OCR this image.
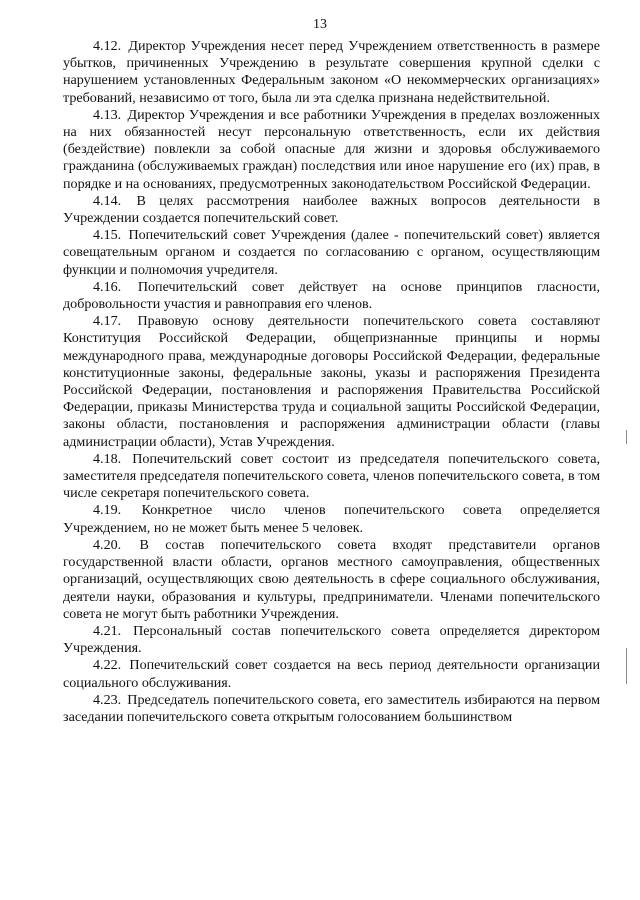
13

4.12. Директор Учреждения несет перед Учреждением ответственность в размере убытков, причиненных Учреждению в результате совершения крупной сделки с нарушением установленных Федеральным законом «О некоммерческих организациях» требований, независимо от того, была ли эта сделка признана недействительной.

4.13. Директор Учреждения и все работники Учреждения в пределах возложенных на них обязанностей несут персональную ответственность, если их действия (бездействие) повлекли за собой опасные для жизни и здоровья обслуживаемого гражданина (обслуживаемых граждан) последствия или иное нарушение его (их) прав, в порядке и на основаниях, предусмотренных законодательством Российской Федерации.

4.14. В целях рассмотрения наиболее важных вопросов деятельности в Учреждении создается попечительский совет.

4.15. Попечительский совет Учреждения (далее - попечительский совет) является совещательным органом и создается по согласованию с органом, осуществляющим функции и полномочия учредителя.

4.16. Попечительский совет действует на основе принципов гласности, добровольности участия и равноправия его членов.

4.17. Правовую основу деятельности попечительского совета составляют Конституция Российской Федерации, общепризнанные принципы и нормы международного права, международные договоры Российской Федерации, федеральные конституционные законы, федеральные законы, указы и распоряжения Президента Российской Федерации, постановления и распоряжения Правительства Российской Федерации, приказы Министерства труда и социальной защиты Российской Федерации, законы области, постановления и распоряжения администрации области (главы администрации области), Устав Учреждения.

4.18. Попечительский совет состоит из председателя попечительского совета, заместителя председателя попечительского совета, членов попечительского совета, в том числе секретаря попечительского совета.

4.19. Конкретное число членов попечительского совета определяется Учреждением, но не может быть менее 5 человек.

4.20. В состав попечительского совета входят представители органов государственной власти области, органов местного самоуправления, общественных организаций, осуществляющих свою деятельность в сфере социального обслуживания, деятели науки, образования и культуры, предприниматели. Членами попечительского совета не могут быть работники Учреждения.

4.21. Персональный состав попечительского совета определяется директором Учреждения.

4.22. Попечительский совет создается на весь период деятельности организации социального обслуживания.

4.23. Председатель попечительского совета, его заместитель избираются на первом заседании попечительского совета открытым голосованием большинством
